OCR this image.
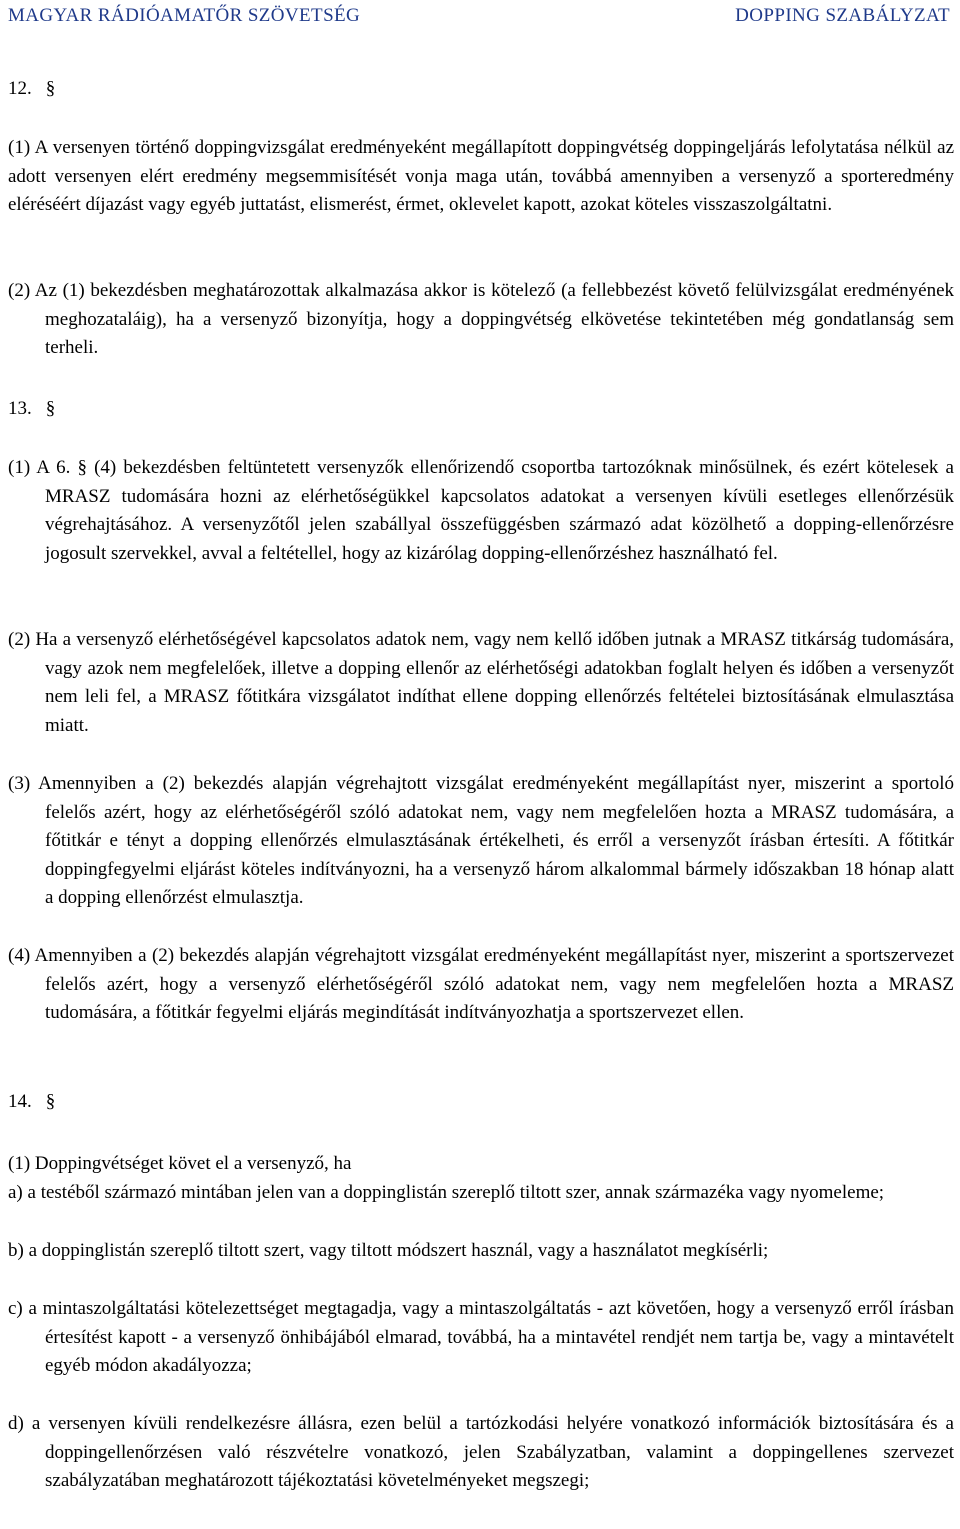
MAGYAR RÁDIÓAMATŐR SZÖVETSÉG	DOPPING SZABÁLYZAT
12. §

(1) A versenyen történő doppingvizsgálat eredményeként megállapított doppingvétség doppingeljárás lefolytatása nélkül az adott versenyen elért eredmény megsemmisítését vonja maga után, továbbá amennyiben a versenyző a sporteredmény eléréséért díjazást vagy egyéb juttatást, elismerést, érmet, oklevelet kapott, azokat köteles visszaszolgáltatni.

(2) Az (1) bekezdésben meghatározottak alkalmazása akkor is kötelező (a fellebbezést követő felülvizsgálat eredményének meghozataláig), ha a versenyző bizonyítja, hogy a doppingvétség elkövetése tekintetében még gondatlanság sem terheli.

13. §

(1) A 6. § (4) bekezdésben feltüntetett versenyzők ellenőrizendő csoportba tartozóknak minősülnek, és ezért kötelesek a MRASZ tudomására hozni az elérhetőségükkel kapcsolatos adatokat a versenyen kívüli esetleges ellenőrzésük végrehajtásához. A versenyzőtől jelen szabállyal összefüggésben származó adat közölhető a dopping-ellenőrzésre jogosult szervekkel, avval a feltétellel, hogy az kizárólag dopping-ellenőrzéshez használható fel.

(2) Ha a versenyző elérhetőségével kapcsolatos adatok nem, vagy nem kellő időben jutnak a MRASZ titkárság tudomására, vagy azok nem megfelelőek, illetve a dopping ellenőr az elérhetőségi adatokban foglalt helyen és időben a versenyzőt nem leli fel, a MRASZ főtitkára vizsgálatot indíthat ellene dopping ellenőrzés feltételei biztosításának elmulasztása miatt.

(3) Amennyiben a (2) bekezdés alapján végrehajtott vizsgálat eredményeként megállapítást nyer, miszerint a sportoló felelős azért, hogy az elérhetőségéről szóló adatokat nem, vagy nem megfelelően hozta a MRASZ tudomására, a főtitkár e tényt a dopping ellenőrzés elmulasztásának értékelheti, és erről a versenyzőt írásban értesíti. A főtitkár doppingfegyelmi eljárást köteles indítványozni, ha a versenyző három alkalommal bármely időszakban 18 hónap alatt a dopping ellenőrzést elmulasztja.

(4) Amennyiben a (2) bekezdés alapján végrehajtott vizsgálat eredményeként megállapítást nyer, miszerint a sportszervezet felelős azért, hogy a versenyző elérhetőségéről szóló adatokat nem, vagy nem megfelelően hozta a MRASZ tudomására, a főtitkár fegyelmi eljárás megindítását indítványozhatja a sportszervezet ellen.

14. §

(1) Doppingvétséget követ el a versenyző, ha

a) a testéből származó mintában jelen van a doppinglistán szereplő tiltott szer, annak származéka vagy nyomeleme;

b) a doppinglistán szereplő tiltott szert, vagy tiltott módszert használ, vagy a használatot megkísérli;

c) a mintaszolgáltatási kötelezettséget megtagadja, vagy a mintaszolgáltatás - azt követően, hogy a versenyző erről írásban értesítést kapott - a versenyző önhibájából elmarad, továbbá, ha a mintavétel rendjét nem tartja be, vagy a mintavételt egyéb módon akadályozza;

d) a versenyen kívüli rendelkezésre állásra, ezen belül a tartózkodási helyére vonatkozó információk biztosítására és a doppingellenőrzésen való részvételre vonatkozó, jelen Szabályzatban, valamint a doppingellenes szervezet szabályzatában meghatározott tájékoztatási követelményeket megszegi;
